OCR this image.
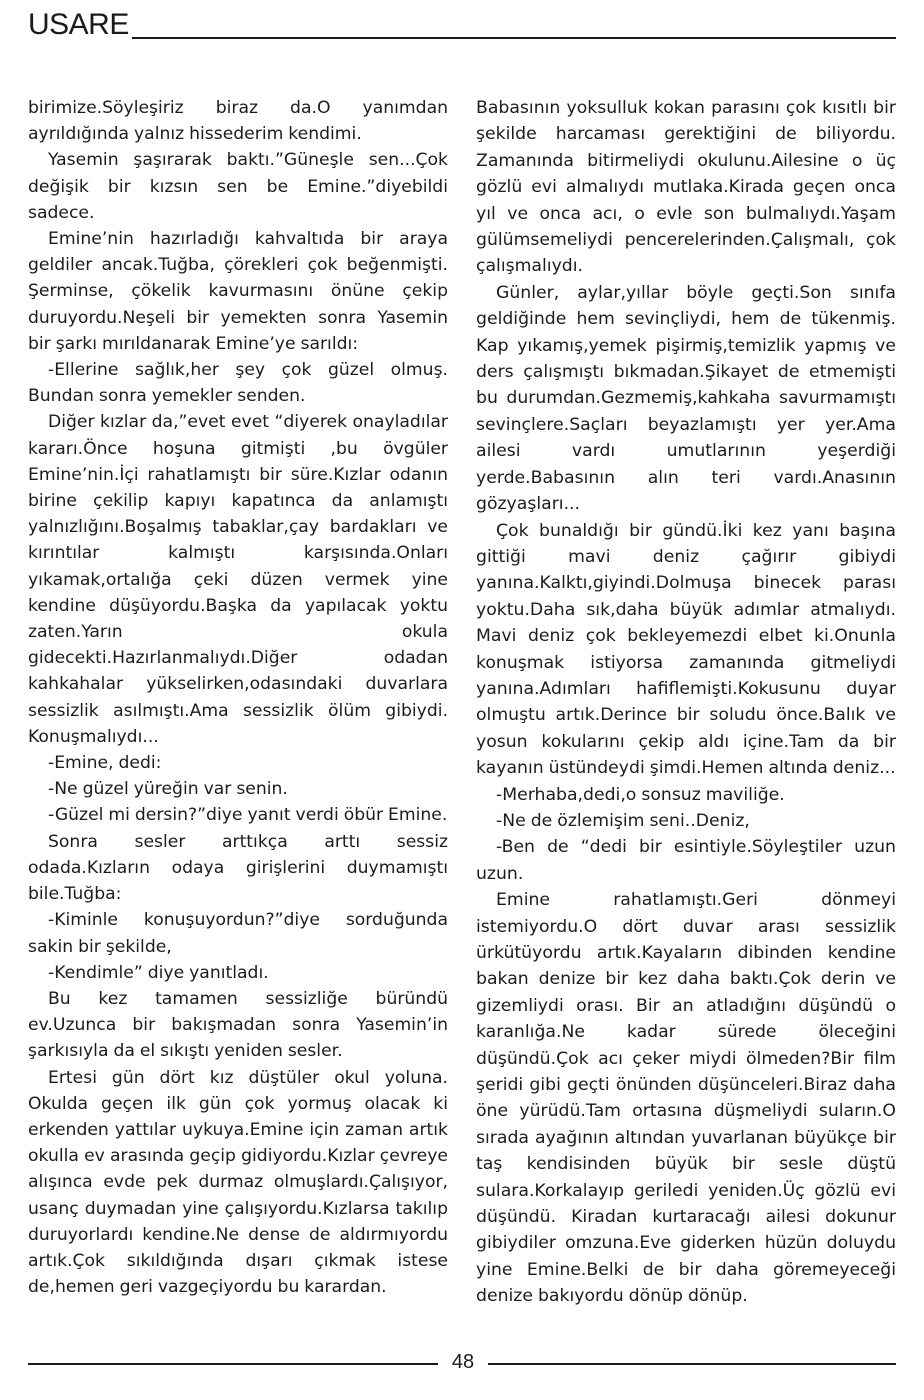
USARE

birimize.Söyleşiriz biraz da.O yanımdan ayrıldığında yalnız hissederim kendimi.

Yasemin şaşırarak baktı.”Güneşle sen...Çok değişik bir kızsın sen be Emine.”diyebildi sadece.

Emine’nin hazırladığı kahvaltıda bir araya geldiler ancak.Tuğba, çörekleri çok beğenmişti. Şerminse, çökelik kavurmasını önüne çekip duruyordu.Neşeli bir yemekten sonra Yasemin bir şarkı mırıldanarak Emine’ye sarıldı:

-Ellerine sağlık,her şey çok güzel olmuş. Bundan sonra yemekler senden.

Diğer kızlar da,”evet evet “diyerek onayladılar kararı.Önce hoşuna gitmişti ,bu övgüler Emine’nin.İçi rahatlamıştı bir süre.Kızlar odanın birine çekilip kapıyı kapatınca da anlamıştı yalnızlığını.Boşalmış tabaklar,çay bardakları ve kırıntılar kalmıştı karşısında.Onları yıkamak,ortalığa çeki düzen vermek yine kendine düşüyordu.Başka da yapılacak yoktu zaten.Yarın okula gidecekti.Hazırlanmalıydı.Diğer odadan kahkahalar yükselirken,odasındaki duvarlara sessizlik asılmıştı.Ama sessizlik ölüm gibiydi. Konuşmalıydı...

-Emine, dedi:

-Ne güzel yüreğin var senin.

-Güzel mi dersin?”diye yanıt verdi öbür Emine.

Sonra sesler arttıkça arttı sessiz odada.Kızların odaya girişlerini duymamıştı bile.Tuğba:

-Kiminle konuşuyordun?”diye sorduğunda sakin bir şekilde,

-Kendimle” diye yanıtladı.

Bu kez tamamen sessizliğe büründü ev.Uzunca bir bakışmadan sonra Yasemin’in şarkısıyla da el sıkıştı yeniden sesler.

Ertesi gün dört kız düştüler okul yoluna. Okulda geçen ilk gün çok yormuş olacak ki erkenden yattılar uykuya.Emine için zaman artık okulla ev arasında geçip gidiyordu.Kızlar çevreye alışınca evde pek durmaz olmuşlardı.Çalışıyor, usanç duymadan yine çalışıyordu.Kızlarsa takılıp duruyorlardı kendine.Ne dense de aldırmıyordu artık.Çok sıkıldığında dışarı çıkmak istese de,hemen geri vazgeçiyordu bu karardan.

Babasının yoksulluk kokan parasını çok kısıtlı bir şekilde harcaması gerektiğini de biliyordu. Zamanında bitirmeliydi okulunu.Ailesine o üç gözlü evi almalıydı mutlaka.Kirada geçen onca yıl ve onca acı, o evle son bulmalıydı.Yaşam gülümsemeliydi pencerelerinden.Çalışmalı, çok çalışmalıydı.

Günler, aylar,yıllar böyle geçti.Son sınıfa geldiğinde hem sevinçliydi, hem de tükenmiş. Kap yıkamış,yemek pişirmiş,temizlik yapmış ve ders çalışmıştı bıkmadan.Şikayet de etmemişti bu durumdan.Gezmemiş,kahkaha savurmamıştı sevinçlere.Saçları beyazlamıştı yer yer.Ama ailesi vardı umutlarının yeşerdiği yerde.Babasının alın teri vardı.Anasının gözyaşları...

Çok bunaldığı bir gündü.İki kez yanı başına gittiği mavi deniz çağırır gibiydi yanına.Kalktı,giyindi.Dolmuşa binecek parası yoktu.Daha sık,daha büyük adımlar atmalıydı. Mavi deniz çok bekleyemezdi elbet ki.Onunla konuşmak istiyorsa zamanında gitmeliydi yanına.Adımları hafiflemişti.Kokusunu duyar olmuştu artık.Derince bir soludu önce.Balık ve yosun kokularını çekip aldı içine.Tam da bir kayanın üstündeydi şimdi.Hemen altında deniz...

-Merhaba,dedi,o sonsuz maviliğe.

-Ne de özlemişim seni..Deniz,

-Ben de “dedi bir esintiyle.Söyleştiler uzun uzun.

Emine rahatlamıştı.Geri dönmeyi istemiyordu.O dört duvar arası sessizlik ürkütüyordu artık.Kayaların dibinden kendine bakan denize bir kez daha baktı.Çok derin ve gizemliydi orası. Bir an atladığını düşündü o karanlığa.Ne kadar sürede öleceğini düşündü.Çok acı çeker miydi ölmeden?Bir film şeridi gibi geçti önünden düşünceleri.Biraz daha öne yürüdü.Tam ortasına düşmeliydi suların.O sırada ayağının altından yuvarlanan büyükçe bir taş kendisinden büyük bir sesle düştü sulara.Korkalayıp geriledi yeniden.Üç gözlü evi düşündü. Kiradan kurtaracağı ailesi dokunur gibiydiler omzuna.Eve giderken hüzün doluydu yine Emine.Belki de bir daha göremeyeceği denize bakıyordu dönüp dönüp.

48
